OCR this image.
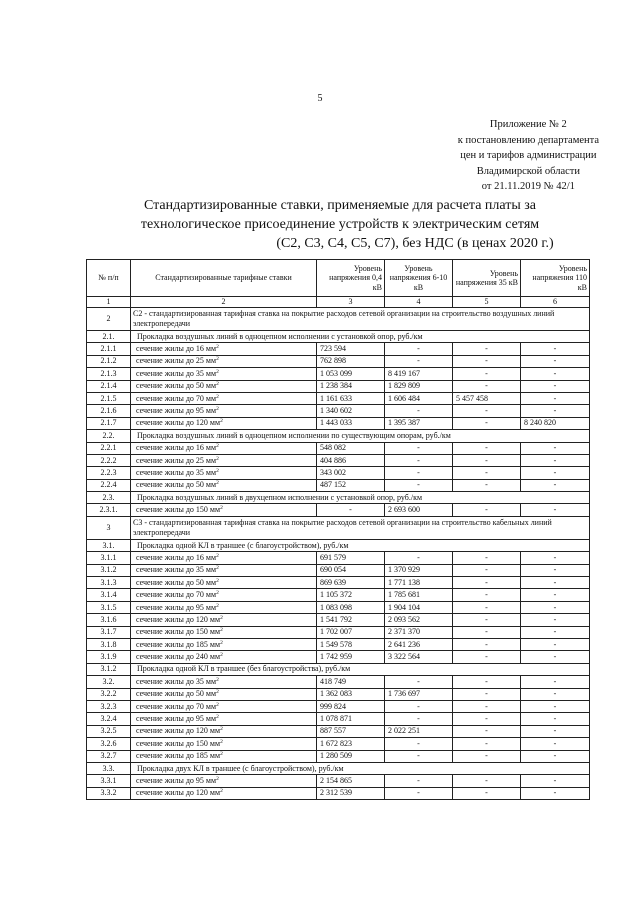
5
Приложение № 2
к постановлению департамента
цен и тарифов администрации
Владимирской области
от 21.11.2019 № 42/1
Стандартизированные ставки, применяемые для расчета платы за
технологическое присоединение устройств к электрическим сетям
(С2, С3, С4, С5, С7), без НДС (в ценах 2020 г.)
№ п/п	Стандартизированные тарифные ставки	Уровень напряжения 0,4 кВ	Уровень напряжения 6-10 кВ	Уровень напряжения 35 кВ	Уровень напряжения 110 кВ
1	2	3	4	5	6
2	С2 - стандартизированная тарифная ставка на покрытие расходов сетевой организации на строительство воздушных линий электропередачи				
2.1.	Прокладка воздушных линий в одноцепном исполнении с установкой опор, руб./км				
2.1.1	сечение жилы до 16 $мм^2$	723 594	-	-	-
2.1.2	сечение жилы до 25 $мм^2$	762 898	-	-	-
2.1.3	сечение жилы до 35 $мм^2$	1 053 099	8 419 167	-	-
2.1.4	сечение жилы до 50 $мм^2$	1 238 384	1 829 809	-	-
2.1.5	сечение жилы до 70 $мм^2$	1 161 633	1 606 484	5 457 458	-
2.1.6	сечение жилы до 95 $мм^2$	1 340 602	-	-	-
2.1.7	сечение жилы до 120 $мм^2$	1 443 033	1 395 387	-	8 240 820
2.2.	Прокладка воздушных линий в одноцепном исполнении по существующим опорам, руб./км				
2.2.1	сечение жилы до 16 $мм^2$	548 082	-	-	-
2.2.2	сечение жилы до 25 $мм^2$	404 886	-	-	-
2.2.3	сечение жилы до 35 $мм^2$	343 002	-	-	-
2.2.4	сечение жилы до 50 $мм^2$	487 152	-	-	-
2.3.	Прокладка воздушных линий в двухцепном исполнении с установкой опор, руб./км				
2.3.1.	сечение жилы до 150 $мм^2$	-	2 693 600	-	-
3	С3 - стандартизированная тарифная ставка на покрытие расходов сетевой организации на строительство кабельных линий электропередачи				
3.1.	Прокладка одной КЛ в траншее (с благоустройством), руб./км				
3.1.1	сечение жилы до 16 $мм^2$	691 579	-	-	-
3.1.2	сечение жилы до 35 $мм^2$	690 054	1 370 929	-	-
3.1.3	сечение жилы до 50 $мм^2$	869 639	1 771 138	-	-
3.1.4	сечение жилы до 70 $мм^2$	1 105 372	1 785 681	-	-
3.1.5	сечение жилы до 95 $мм^2$	1 083 098	1 904 104	-	-
3.1.6	сечение жилы до 120 $мм^2$	1 541 792	2 093 562	-	-
3.1.7	сечение жилы до 150 $мм^2$	1 702 007	2 371 370	-	-
3.1.8	сечение жилы до 185 $мм^2$	1 549 578	2 641 236	-	-
3.1.9	сечение жилы до 240 $мм^2$	1 742 959	3 322 564	-	-
3.1.2	Прокладка одной КЛ в траншее (без благоустройства), руб./км				
3.2.	сечение жилы до 35 $мм^2$	418 749	-	-	-
3.2.2	сечение жилы до 50 $мм^2$	1 362 083	1 736 697	-	-
3.2.3	сечение жилы до 70 $мм^2$	999 824	-	-	-
3.2.4	сечение жилы до 95 $мм^2$	1 078 871	-	-	-
3.2.5	сечение жилы до 120 $мм^2$	887 557	2 022 251	-	-
3.2.6	сечение жилы до 150 $мм^2$	1 672 823	-	-	-
3.2.7	сечение жилы до 185 $мм^2$	1 280 509	-	-	-
3.3.	Прокладка двух КЛ в траншее (с благоустройством), руб./км				
3.3.1	сечение жилы до 95 $мм^2$	2 154 865	-	-	-
3.3.2	сечение жилы до 120 $мм^2$	2 312 539	-	-	-
